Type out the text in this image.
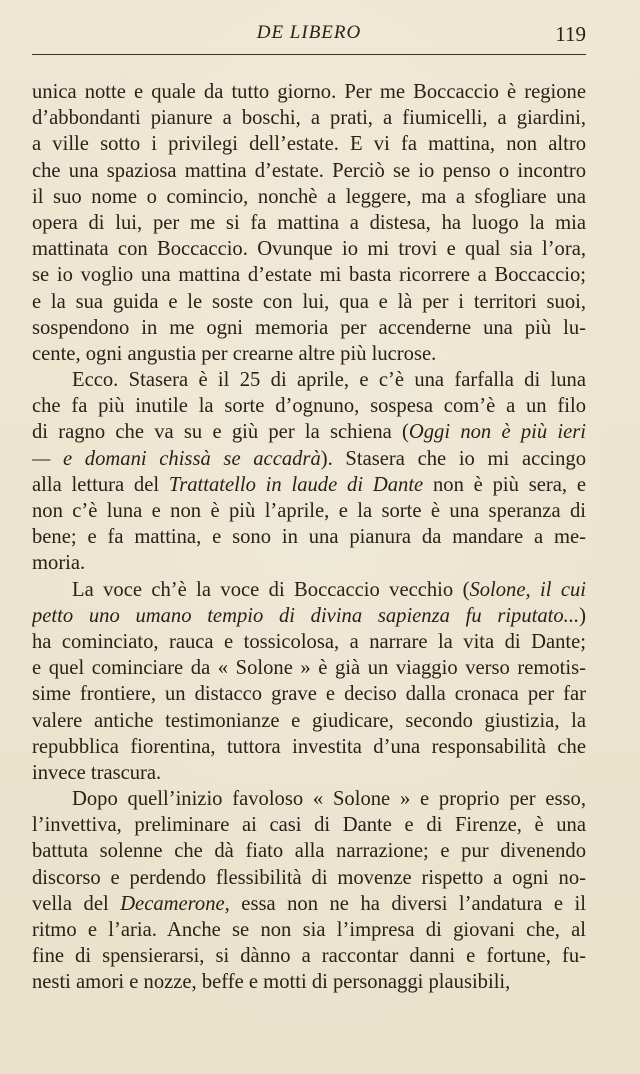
DE LIBERO	119

unica notte e quale da tutto giorno. Per me Boccaccio è regione
d’abbondanti pianure a boschi, a prati, a fiumicelli, a giardini,
a ville sotto i privilegi dell’estate. E vi fa mattina, non altro
che una spaziosa mattina d’estate. Perciò se io penso o incontro
il suo nome o comincio, nonchè a leggere, ma a sfogliare una
opera di lui, per me si fa mattina a distesa, ha luogo la mia
mattinata con Boccaccio. Ovunque io mi trovi e qual sia l’ora,
se io voglio una mattina d’estate mi basta ricorrere a Boccaccio;
e la sua guida e le soste con lui, qua e là per i territori suoi,
sospendono in me ogni memoria per accenderne una più lu-
cente, ogni angustia per crearne altre più lucrose.

Ecco. Stasera è il 25 di aprile, e c’è una farfalla di luna
che fa più inutile la sorte d’ognuno, sospesa com’è a un filo
di ragno che va su e giù per la schiena (Oggi non è più ieri
— e domani chissà se accadrà). Stasera che io mi accingo
alla lettura del Trattatello in laude di Dante non è più sera, e
non c’è luna e non è più l’aprile, e la sorte è una speranza di
bene; e fa mattina, e sono in una pianura da mandare a me-
moria.

La voce ch’è la voce di Boccaccio vecchio (Solone, il cui
petto uno umano tempio di divina sapienza fu riputato...)
ha cominciato, rauca e tossicolosa, a narrare la vita di Dante;
e quel cominciare da « Solone » è già un viaggio verso remotis-
sime frontiere, un distacco grave e deciso dalla cronaca per far
valere antiche testimonianze e giudicare, secondo giustizia, la
repubblica fiorentina, tuttora investita d’una responsabilità che
invece trascura.

Dopo quell’inizio favoloso « Solone » e proprio per esso,
l’invettiva, preliminare ai casi di Dante e di Firenze, è una
battuta solenne che dà fiato alla narrazione; e pur divenendo
discorso e perdendo flessibilità di movenze rispetto a ogni no-
vella del Decamerone, essa non ne ha diversi l’andatura e il
ritmo e l’aria. Anche se non sia l’impresa di giovani che, al
fine di spensierarsi, si dànno a raccontar danni e fortune, fu-
nesti amori e nozze, beffe e motti di personaggi plausibili,
